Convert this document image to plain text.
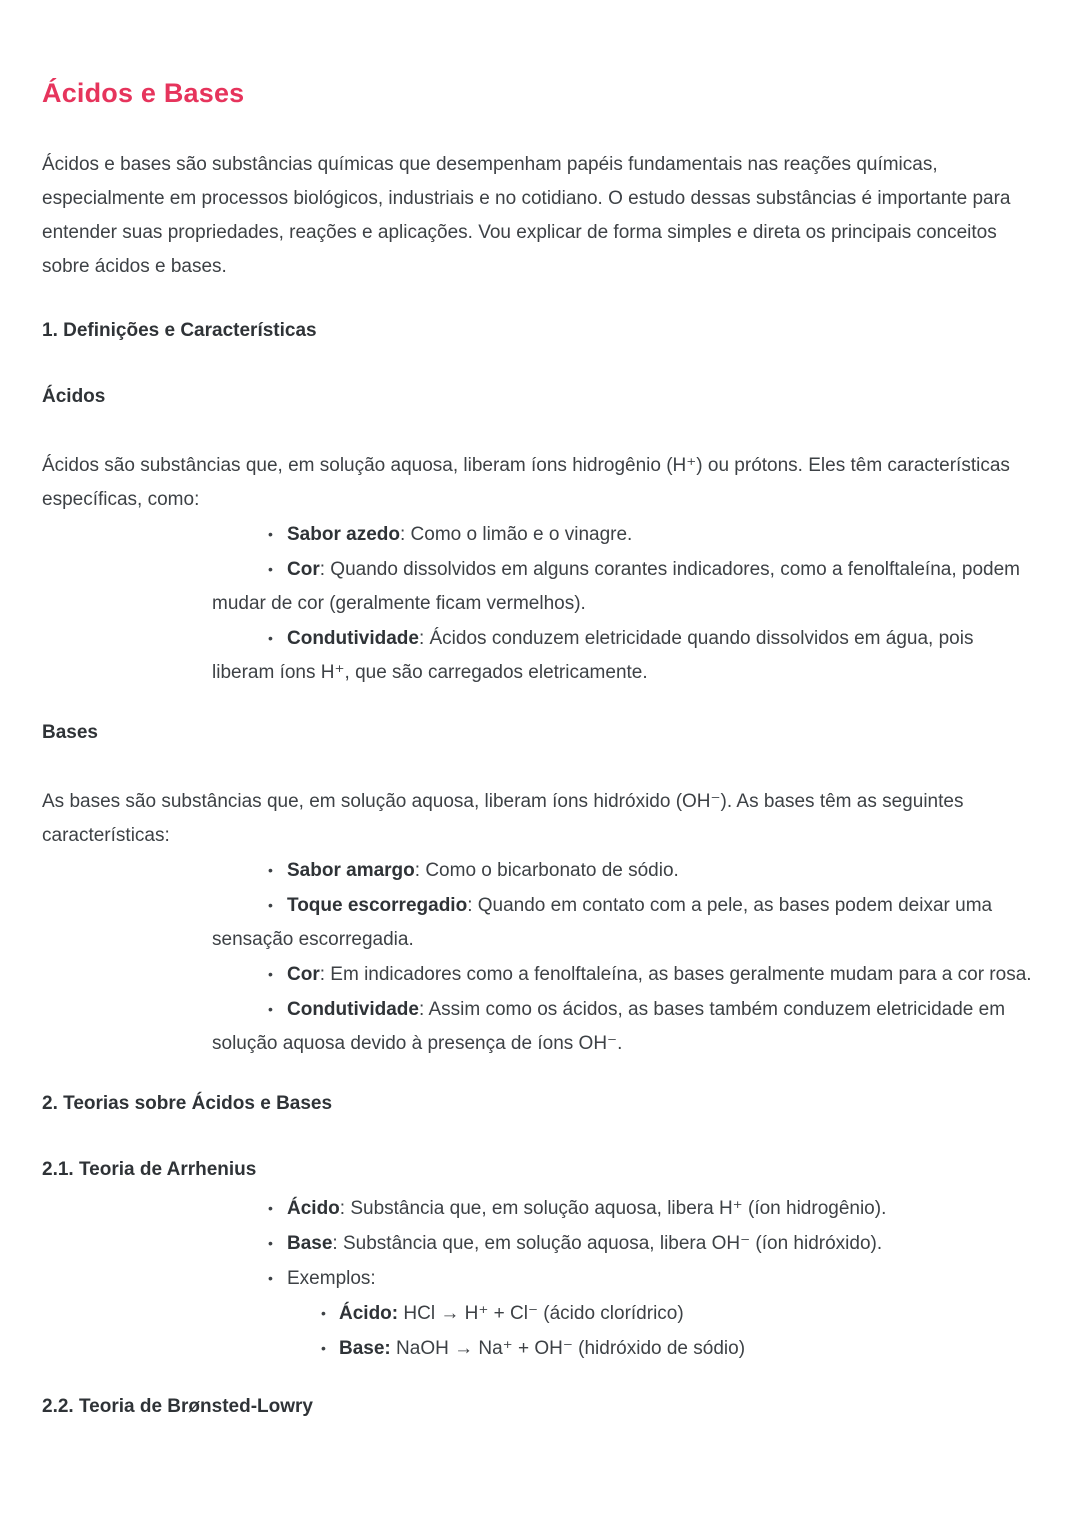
Ácidos e Bases

Ácidos e bases são substâncias químicas que desempenham papéis fundamentais nas reações químicas, especialmente em processos biológicos, industriais e no cotidiano. O estudo dessas substâncias é importante para entender suas propriedades, reações e aplicações. Vou explicar de forma simples e direta os principais conceitos sobre ácidos e bases.

1. Definições e Características
Ácidos

Ácidos são substâncias que, em solução aquosa, liberam íons hidrogênio (H⁺) ou prótons. Eles têm características específicas, como:

• Sabor azedo: Como o limão e o vinagre.
• Cor: Quando dissolvidos em alguns corantes indicadores, como a fenolftaleína, podem mudar de cor (geralmente ficam vermelhos).
• Condutividade: Ácidos conduzem eletricidade quando dissolvidos em água, pois liberam íons H⁺, que são carregados eletricamente.
Bases

As bases são substâncias que, em solução aquosa, liberam íons hidróxido (OH⁻). As bases têm as seguintes características:

• Sabor amargo: Como o bicarbonato de sódio.
• Toque escorregadio: Quando em contato com a pele, as bases podem deixar uma sensação escorregadia.
• Cor: Em indicadores como a fenolftaleína, as bases geralmente mudam para a cor rosa.
• Condutividade: Assim como os ácidos, as bases também conduzem eletricidade em solução aquosa devido à presença de íons OH⁻.
2. Teorias sobre Ácidos e Bases
2.1. Teoria de Arrhenius
• Ácido: Substância que, em solução aquosa, libera H⁺ (íon hidrogênio).
• Base: Substância que, em solução aquosa, libera OH⁻ (íon hidróxido).
• Exemplos:
• Ácido: HCl → H⁺ + Cl⁻ (ácido clorídrico)
• Base: NaOH → Na⁺ + OH⁻ (hidróxido de sódio)
2.2. Teoria de Brønsted-Lowry
